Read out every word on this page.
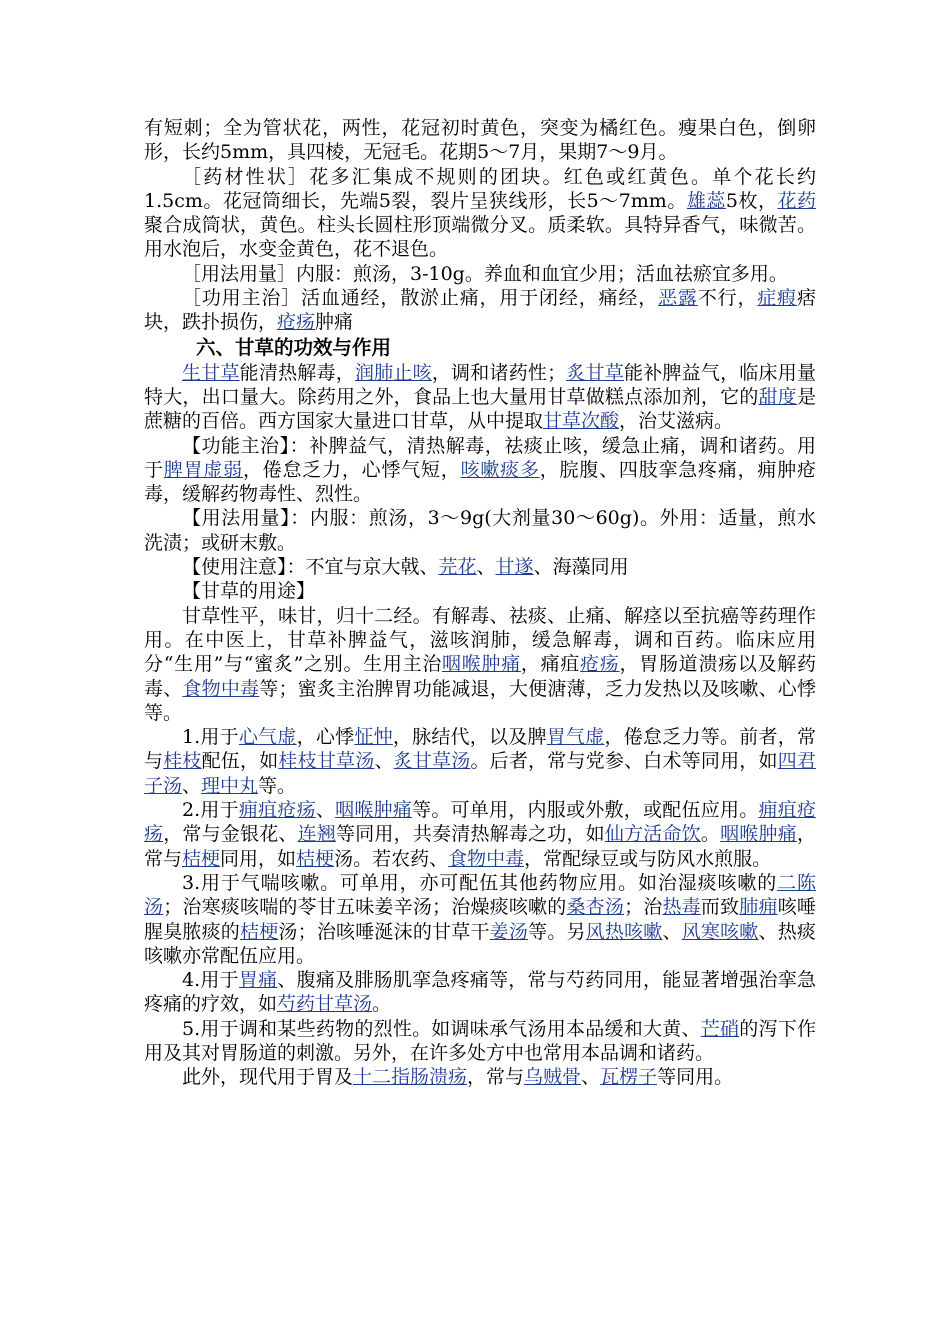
有短刺；全为管状花，两性，花冠初时黄色，突变为橘红色。瘦果白色，倒卵形，长约5mm，具四棱，无冠毛。花期5～7月，果期7～9月。

［药材性状］花多汇集成不规则的团块。红色或红黄色。单个花长约1.5cm。花冠筒细长，先端5裂，裂片呈狭线形，长5～7mm。雄蕊5枚，花药聚合成筒状，黄色。柱头长圆柱形顶端微分叉。质柔软。具特异香气，味微苦。用水泡后，水变金黄色，花不退色。

［用法用量］内服：煎汤，3-10g。养血和血宜少用；活血祛瘀宜多用。

［功用主治］活血通经，散淤止痛，用于闭经，痛经，恶露不行，症瘕痞块，跌扑损伤，疮疡肿痛

六、甘草的功效与作用

生甘草能清热解毒，润肺止咳，调和诸药性；炙甘草能补脾益气，临床用量特大，出口量大。除药用之外，食品上也大量用甘草做糕点添加剂，它的甜度是蔗糖的百倍。西方国家大量进口甘草，从中提取甘草次酸，治艾滋病。

【功能主治】：补脾益气，清热解毒，祛痰止咳，缓急止痛，调和诸药。用于脾胃虚弱，倦怠乏力，心悸气短，咳嗽痰多，脘腹、四肢挛急疼痛，痈肿疮毒，缓解药物毒性、烈性。

【用法用量】：内服：煎汤，3～9g(大剂量30～60g)。外用：适量，煎水洗渍；或研末敷。

【使用注意】：不宜与京大戟、芫花、甘遂、海藻同用

【甘草的用途】

甘草性平，味甘，归十二经。有解毒、祛痰、止痛、解痉以至抗癌等药理作用。在中医上，甘草补脾益气，滋咳润肺，缓急解毒，调和百药。临床应用分“生用”与“蜜炙”之别。生用主治咽喉肿痛，痛疽疮疡，胃肠道溃疡以及解药毒、食物中毒等；蜜炙主治脾胃功能减退，大便溏薄，乏力发热以及咳嗽、心悸等。

1.用于心气虚，心悸怔忡，脉结代，以及脾胃气虚，倦怠乏力等。前者，常与桂枝配伍，如桂枝甘草汤、炙甘草汤。后者，常与党参、白术等同用，如四君子汤、理中丸等。

2.用于痈疽疮疡、咽喉肿痛等。可单用，内服或外敷，或配伍应用。痈疽疮疡，常与金银花、连翘等同用，共奏清热解毒之功，如仙方活命饮。咽喉肿痛，常与桔梗同用，如桔梗汤。若农药、食物中毒，常配绿豆或与防风水煎服。

3.用于气喘咳嗽。可单用，亦可配伍其他药物应用。如治湿痰咳嗽的二陈汤；治寒痰咳喘的苓甘五味姜辛汤；治燥痰咳嗽的桑杏汤；治热毒而致肺痈咳唾腥臭脓痰的桔梗汤；治咳唾涎沫的甘草干姜汤等。另风热咳嗽、风寒咳嗽、热痰咳嗽亦常配伍应用。

4.用于胃痛、腹痛及腓肠肌挛急疼痛等，常与芍药同用，能显著增强治挛急疼痛的疗效，如芍药甘草汤。

5.用于调和某些药物的烈性。如调味承气汤用本品缓和大黄、芒硝的泻下作用及其对胃肠道的刺激。另外，在许多处方中也常用本品调和诸药。

此外，现代用于胃及十二指肠溃疡，常与乌贼骨、瓦楞子等同用。
